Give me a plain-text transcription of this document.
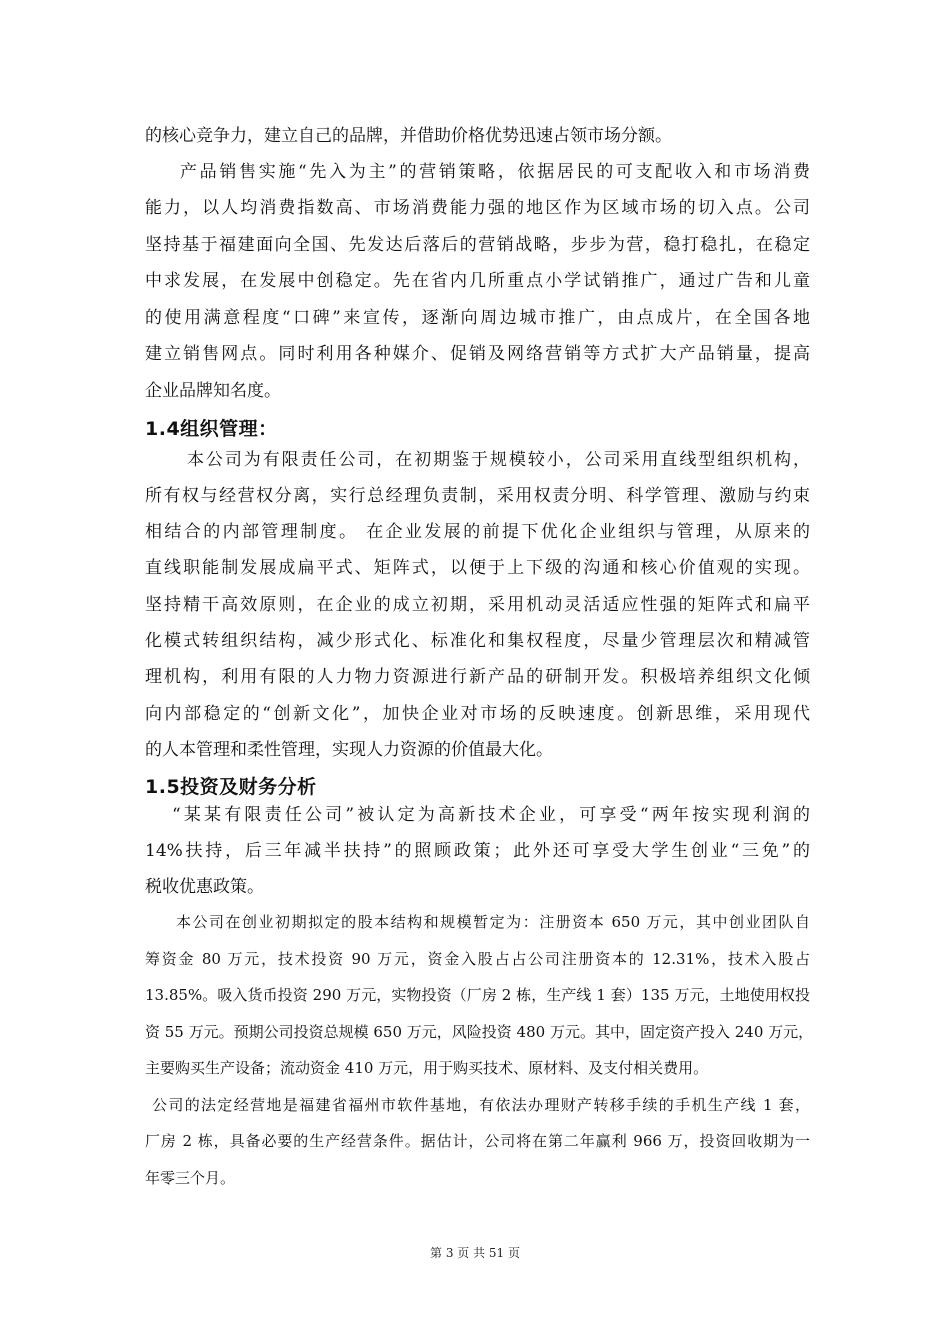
的核心竞争力，建立自己的品牌，并借助价格优势迅速占领市场分额。
产品销售实施“先入为主”的营销策略，依据居民的可支配收入和市场消费
能力，以人均消费指数高、市场消费能力强的地区作为区域市场的切入点。公司
坚持基于福建面向全国、先发达后落后的营销战略，步步为营，稳打稳扎，在稳定
中求发展，在发展中创稳定。先在省内几所重点小学试销推广，通过广告和儿童
的使用满意程度“口碑”来宣传，逐渐向周边城市推广，由点成片，在全国各地
建立销售网点。同时利用各种媒介、促销及网络营销等方式扩大产品销量，提高
企业品牌知名度。
1.4组织管理：
本公司为有限责任公司，在初期鉴于规模较小，公司采用直线型组织机构，
所有权与经营权分离，实行总经理负责制，采用权责分明、科学管理、激励与约束
相结合的内部管理制度。 在企业发展的前提下优化企业组织与管理，从原来的
直线职能制发展成扁平式、矩阵式，以便于上下级的沟通和核心价值观的实现。
坚持精干高效原则，在企业的成立初期，采用机动灵活适应性强的矩阵式和扁平
化模式转组织结构，减少形式化、标准化和集权程度，尽量少管理层次和精减管
理机构，利用有限的人力物力资源进行新产品的研制开发。积极培养组织文化倾
向内部稳定的“创新文化”，加快企业对市场的反映速度。创新思维，采用现代
的人本管理和柔性管理，实现人力资源的价值最大化。
1.5投资及财务分析
“某某有限责任公司”被认定为高新技术企业，可享受“两年按实现利润的
14%扶持，后三年减半扶持”的照顾政策；此外还可享受大学生创业“三免”的
税收优惠政策。
本公司在创业初期拟定的股本结构和规模暂定为：注册资本 650 万元，其中创业团队自
筹资金 80 万元，技术投资 90 万元，资金入股占占公司注册资本的 12.31%，技术入股占
13.85%。吸入货币投资 290 万元，实物投资（厂房 2 栋，生产线 1 套）135 万元，土地使用权投
资 55 万元。预期公司投资总规模 650 万元，风险投资 480 万元。其中，固定资产投入 240 万元，
主要购买生产设备；流动资金 410 万元，用于购买技术、原材料、及支付相关费用。
公司的法定经营地是福建省福州市软件基地，有依法办理财产转移手续的手机生产线 1 套，
厂房 2 栋，具备必要的生产经营条件。据估计，公司将在第二年赢利 966 万，投资回收期为一
年零三个月。
第 3 页 共 51 页
